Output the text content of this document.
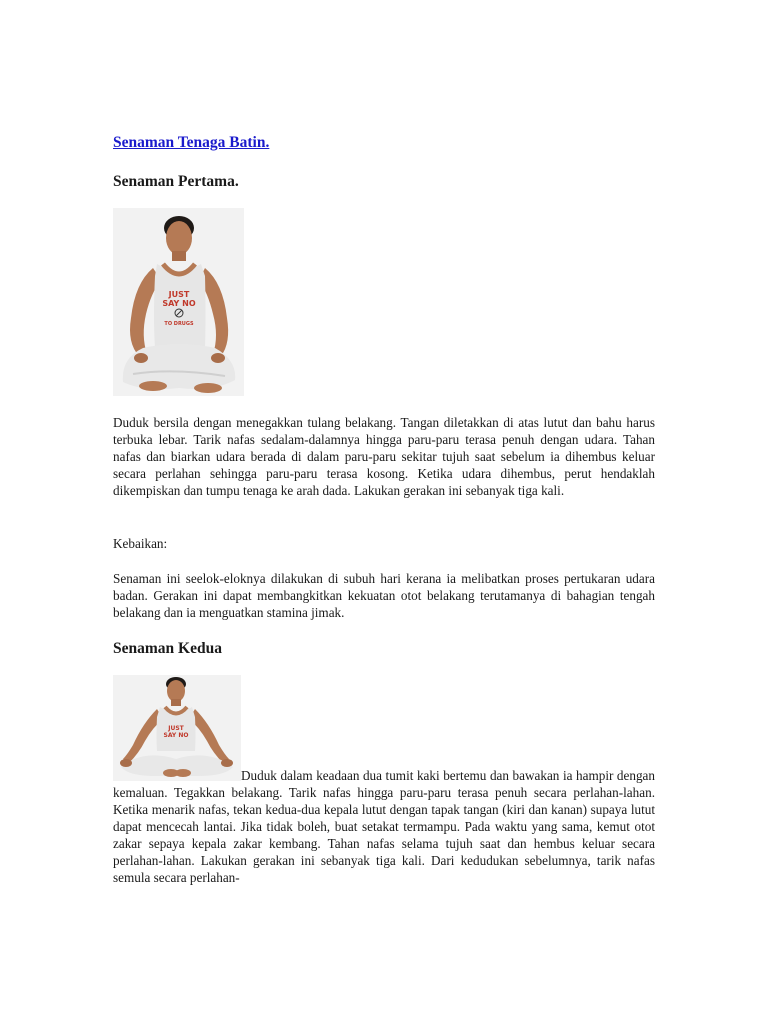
Senaman Tenaga Batin.
Senaman Pertama.
JUST
SAY NO
TO DRUGS
Duduk bersila dengan menegakkan tulang belakang. Tangan diletakkan di atas lutut dan bahu harus terbuka lebar. Tarik nafas sedalam-dalamnya hingga paru-paru terasa penuh dengan udara. Tahan nafas dan biarkan udara berada di dalam paru-paru sekitar tujuh saat sebelum ia dihembus keluar secara perlahan sehingga paru-paru terasa kosong. Ketika udara dihembus, perut hendaklah dikempiskan dan tumpu tenaga ke arah dada. Lakukan gerakan ini sebanyak tiga kali.
Kebaikan:
Senaman ini seelok-eloknya dilakukan di subuh hari kerana ia melibatkan proses pertukaran udara badan. Gerakan ini dapat membangkitkan kekuatan otot belakang terutamanya di bahagian tengah belakang dan ia menguatkan stamina jimak.
Senaman Kedua
JUST
SAY NO
Duduk dalam keadaan dua tumit kaki bertemu dan bawakan ia hampir dengan kemaluan. Tegakkan belakang. Tarik nafas hingga paru-paru terasa penuh secara perlahan-lahan. Ketika menarik nafas, tekan kedua-dua kepala lutut dengan tapak tangan (kiri dan kanan) supaya lutut dapat mencecah lantai. Jika tidak boleh, buat setakat termampu. Pada waktu yang sama, kemut otot zakar sepaya kepala zakar kembang. Tahan nafas selama tujuh saat dan hembus keluar secara perlahan-lahan. Lakukan gerakan ini sebanyak tiga kali. Dari kedudukan sebelumnya, tarik nafas semula secara perlahan-
